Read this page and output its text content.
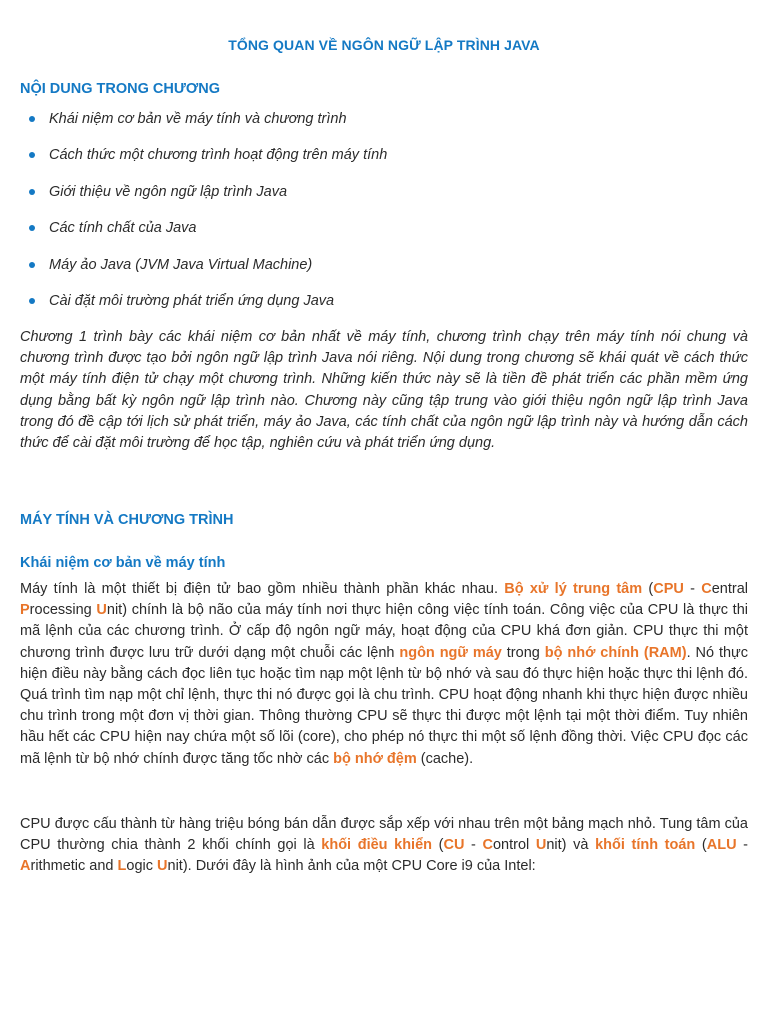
TỔNG QUAN VỀ NGÔN NGỮ LẬP TRÌNH JAVA
NỘI DUNG TRONG CHƯƠNG
Khái niệm cơ bản về máy tính và chương trình
Cách thức một chương trình hoạt động trên máy tính
Giới thiệu về ngôn ngữ lập trình Java
Các tính chất của Java
Máy ảo Java (JVM Java Virtual Machine)
Cài đặt môi trường phát triển ứng dụng Java
Chương 1 trình bày các khái niệm cơ bản nhất về máy tính, chương trình chạy trên máy tính nói chung và chương trình được tạo bởi ngôn ngữ lập trình Java nói riêng. Nội dung trong chương sẽ khái quát về cách thức một máy tính điện tử chạy một chương trình. Những kiến thức này sẽ là tiền đề phát triển các phần mềm ứng dụng bằng bất kỳ ngôn ngữ lập trình nào. Chương này cũng tập trung vào giới thiệu ngôn ngữ lập trình Java trong đó đề cập tới lịch sử phát triển, máy ảo Java, các tính chất của ngôn ngữ lập trình này và hướng dẫn cách thức để cài đặt môi trường để học tập, nghiên cứu và phát triển ứng dụng.
MÁY TÍNH VÀ CHƯƠNG TRÌNH
Khái niệm cơ bản về máy tính
Máy tính là một thiết bị điện tử bao gồm nhiều thành phần khác nhau. Bộ xử lý trung tâm (CPU - Central Processing Unit) chính là bộ não của máy tính nơi thực hiện công việc tính toán. Công việc của CPU là thực thi mã lệnh của các chương trình. Ở cấp độ ngôn ngữ máy, hoạt động của CPU khá đơn giản. CPU thực thi một chương trình được lưu trữ dưới dạng một chuỗi các lệnh ngôn ngữ máy trong bộ nhớ chính (RAM). Nó thực hiện điều này bằng cách đọc liên tục hoặc tìm nạp một lệnh từ bộ nhớ và sau đó thực hiện hoặc thực thi lệnh đó. Quá trình tìm nạp một chỉ lệnh, thực thi nó được gọi là chu trình. CPU hoạt động nhanh khi thực hiện được nhiều chu trình trong một đơn vị thời gian. Thông thường CPU sẽ thực thi được một lệnh tại một thời điểm. Tuy nhiên hầu hết các CPU hiện nay chứa một số lõi (core), cho phép nó thực thi một số lệnh đồng thời. Việc CPU đọc các mã lệnh từ bộ nhớ chính được tăng tốc nhờ các bộ nhớ đệm (cache).
CPU được cấu thành từ hàng triệu bóng bán dẫn được sắp xếp với nhau trên một bảng mạch nhỏ. Tung tâm của CPU thường chia thành 2 khối chính gọi là khối điều khiển (CU - Control Unit) và khối tính toán (ALU - Arithmetic and Logic Unit). Dưới đây là hình ảnh của một CPU Core i9 của Intel:
